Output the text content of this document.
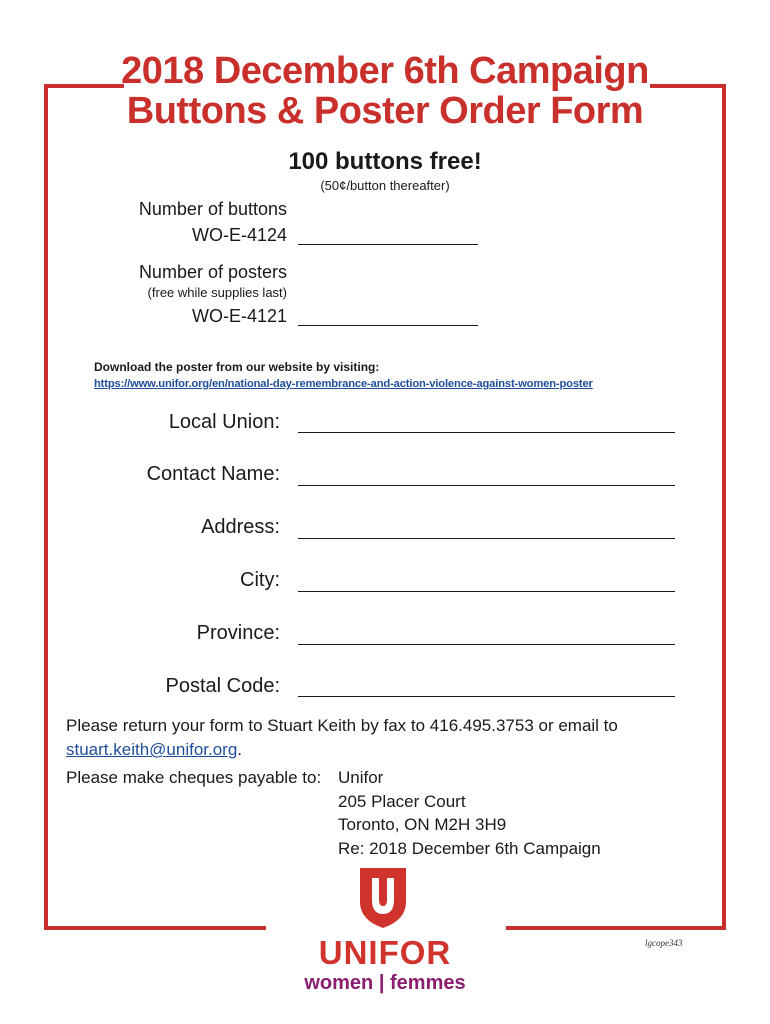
2018 December 6th Campaign
Buttons & Poster Order Form
100 buttons free!
(50¢/button thereafter)
Number of buttons
WO-E-4124
Number of posters
(free while supplies last)
WO-E-4121
Download the poster from our website by visiting:
https://www.unifor.org/en/national-day-remembrance-and-action-violence-against-women-poster
Local Union:
Contact Name:
Address:
City:
Province:
Postal Code:
Please return your form to Stuart Keith by fax to 416.495.3753 or email to
stuart.keith@unifor.org.
Please make cheques payable to: Unifor
205 Placer Court
Toronto, ON M2H 3H9
Re: 2018 December 6th Campaign
UNIFOR
women | femmes
lgcope343
